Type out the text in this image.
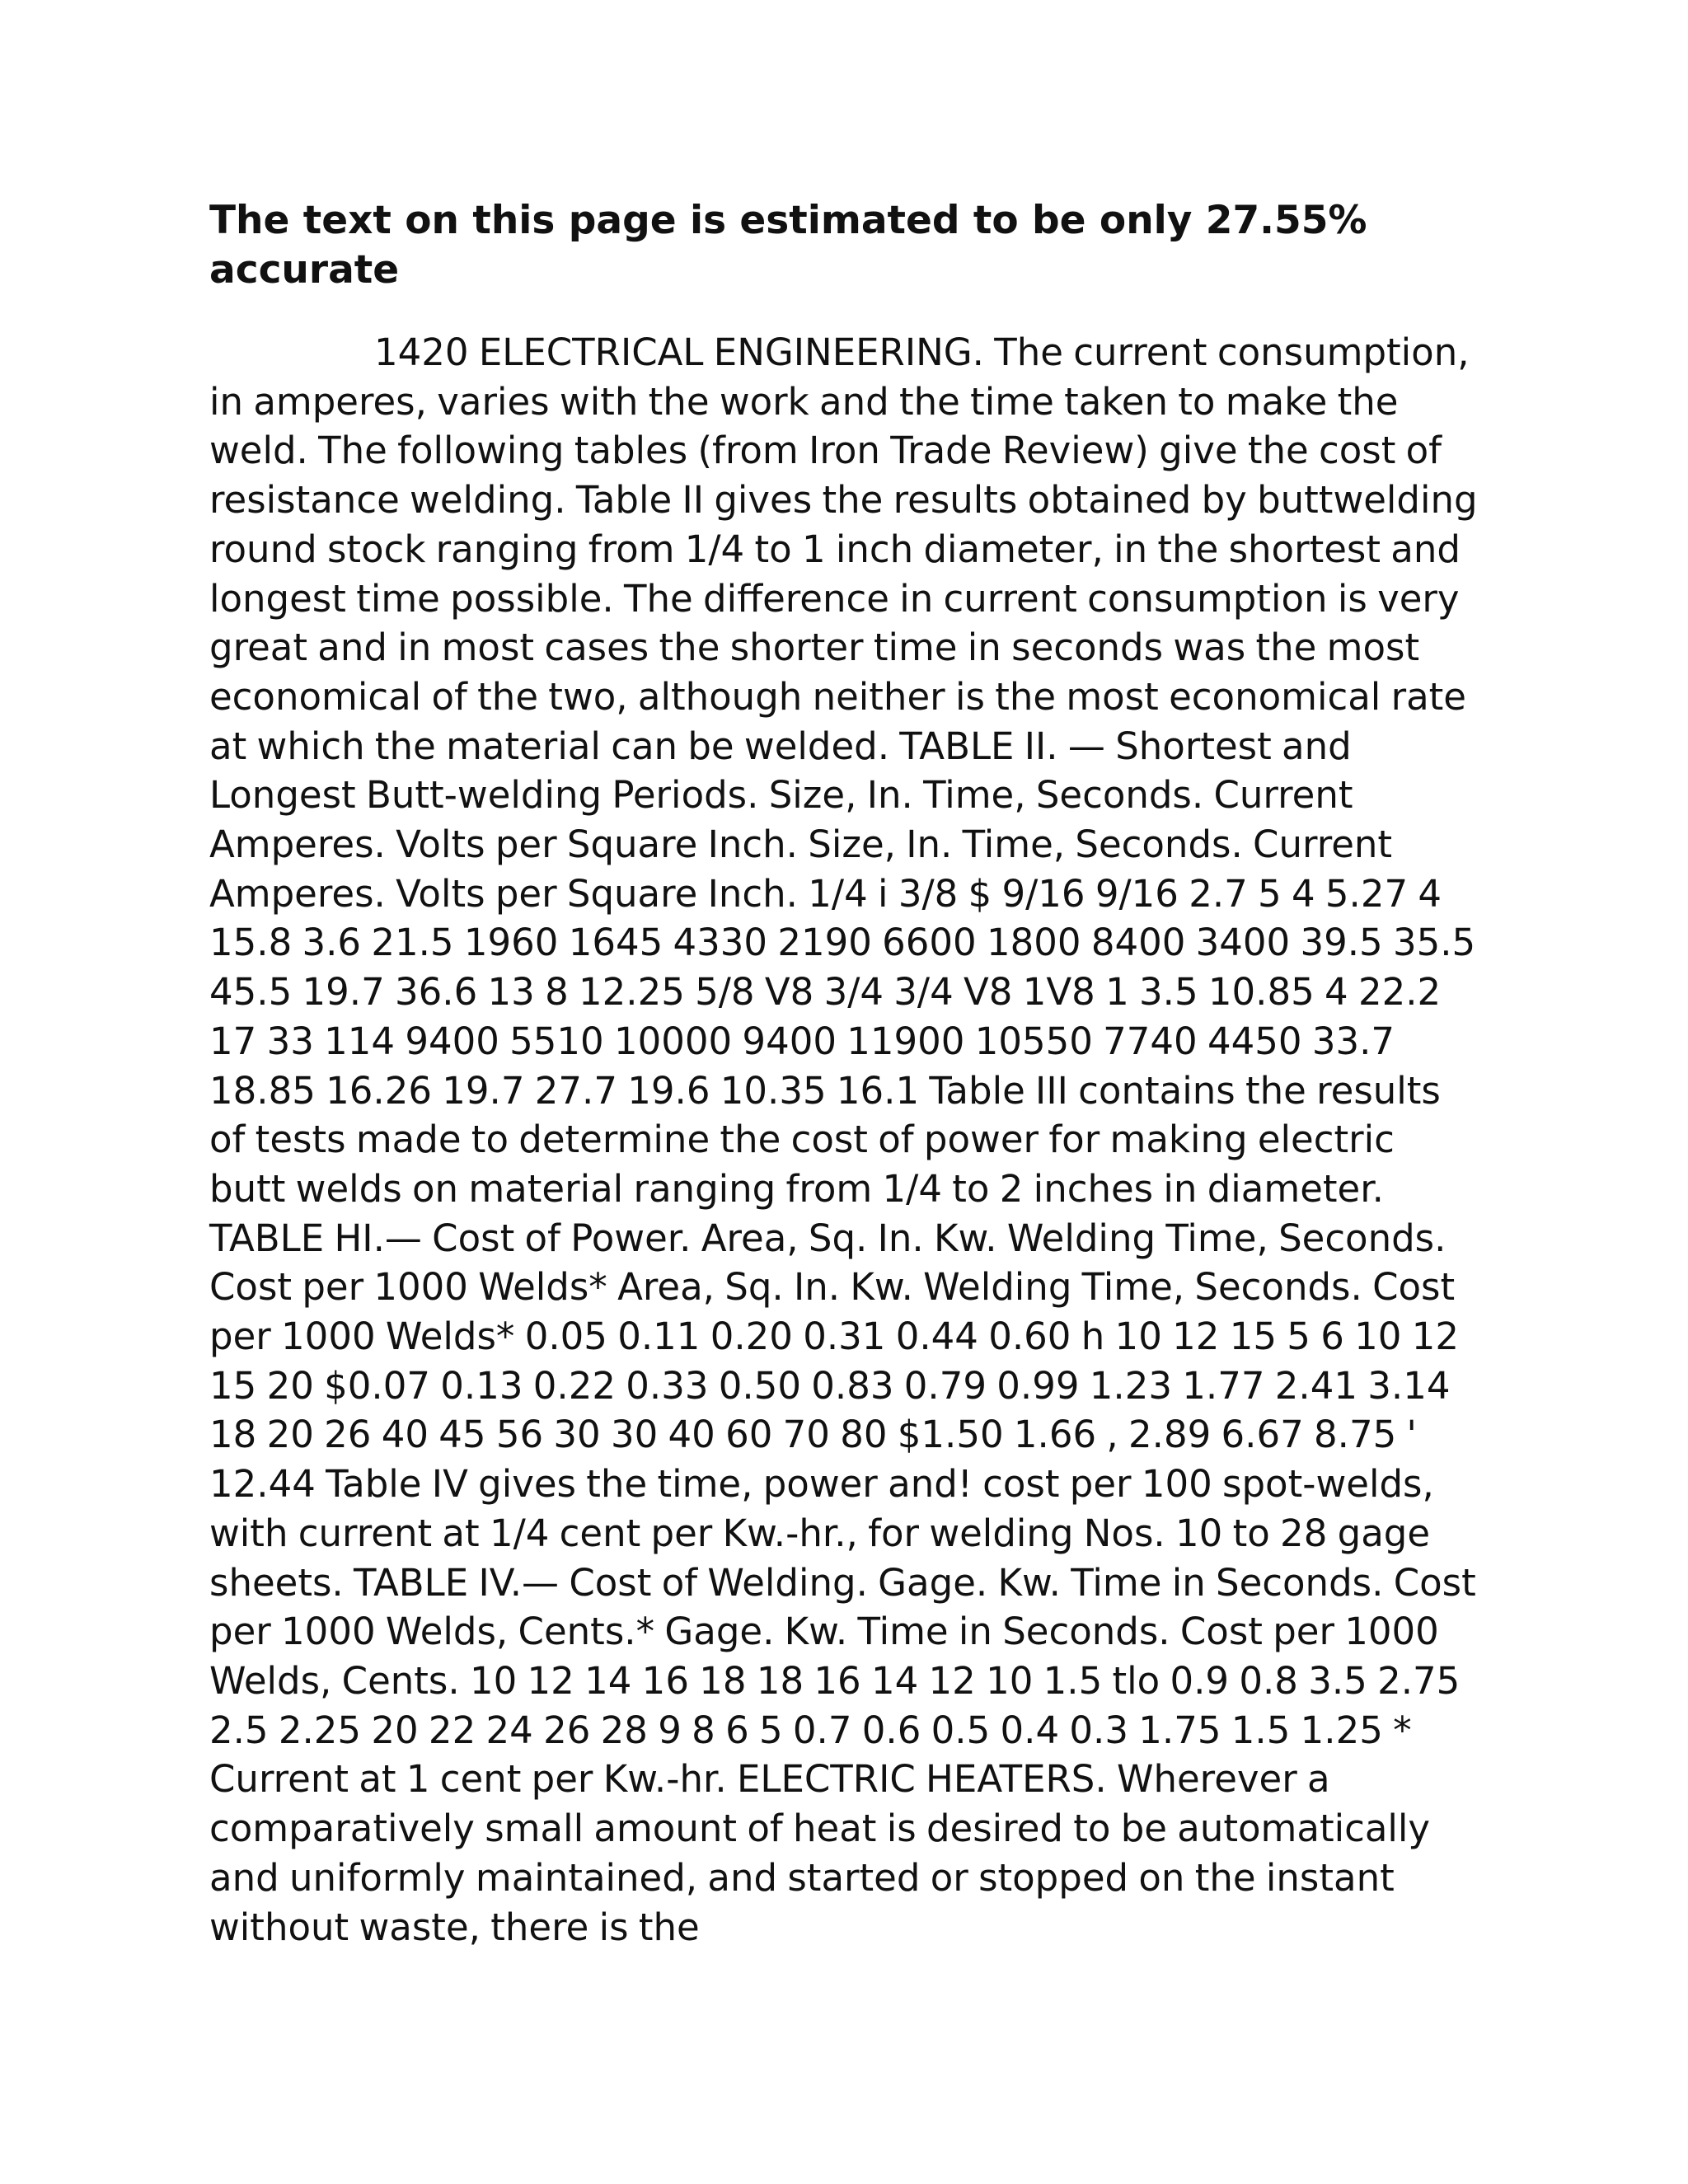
The text on this page is estimated to be only 27.55% accurate

1420 ELECTRICAL ENGINEERING. The current consumption, in amperes, varies with the work and the time taken to make the weld. The following tables (from Iron Trade Review) give the cost of resistance welding. Table II gives the results obtained by buttwelding round stock ranging from 1/4 to 1 inch diameter, in the shortest and longest time possible. The difference in current consumption is very great and in most cases the shorter time in seconds was the most economical of the two, although neither is the most economical rate at which the material can be welded. TABLE II. — Shortest and Longest Butt-welding Periods. Size, In. Time, Seconds. Current Amperes. Volts per Square Inch. Size, In. Time, Seconds. Current Amperes. Volts per Square Inch. 1/4 i 3/8 $ 9/16 9/16 2.7 5 4 5.27 4 15.8 3.6 21.5 1960 1645 4330 2190 6600 1800 8400 3400 39.5 35.5 45.5 19.7 36.6 13 8 12.25 5/8 V8 3/4 3/4 V8 1V8 1 3.5 10.85 4 22.2 17 33 114 9400 5510 10000 9400 11900 10550 7740 4450 33.7 18.85 16.26 19.7 27.7 19.6 10.35 16.1 Table III contains the results of tests made to determine the cost of power for making electric butt welds on material ranging from 1/4 to 2 inches in diameter. TABLE HI.— Cost of Power. Area, Sq. In. Kw. Welding Time, Seconds. Cost per 1000 Welds* Area, Sq. In. Kw. Welding Time, Seconds. Cost per 1000 Welds* 0.05 0.11 0.20 0.31 0.44 0.60 h 10 12 15 5 6 10 12 15 20 $0.07 0.13 0.22 0.33 0.50 0.83 0.79 0.99 1.23 1.77 2.41 3.14 18 20 26 40 45 56 30 30 40 60 70 80 $1.50 1.66 , 2.89 6.67 8.75 ' 12.44 Table IV gives the time, power and! cost per 100 spot-welds, with current at 1/4 cent per Kw.-hr., for welding Nos. 10 to 28 gage sheets. TABLE IV.— Cost of Welding. Gage. Kw. Time in Seconds. Cost per 1000 Welds, Cents.* Gage. Kw. Time in Seconds. Cost per 1000 Welds, Cents. 10 12 14 16 18 18 16 14 12 10 1.5 tlo 0.9 0.8 3.5 2.75 2.5 2.25 20 22 24 26 28 9 8 6 5 0.7 0.6 0.5 0.4 0.3 1.75 1.5 1.25 * Current at 1 cent per Kw.-hr. ELECTRIC HEATERS. Wherever a comparatively small amount of heat is desired to be automatically and uniformly maintained, and started or stopped on the instant without waste, there is the
